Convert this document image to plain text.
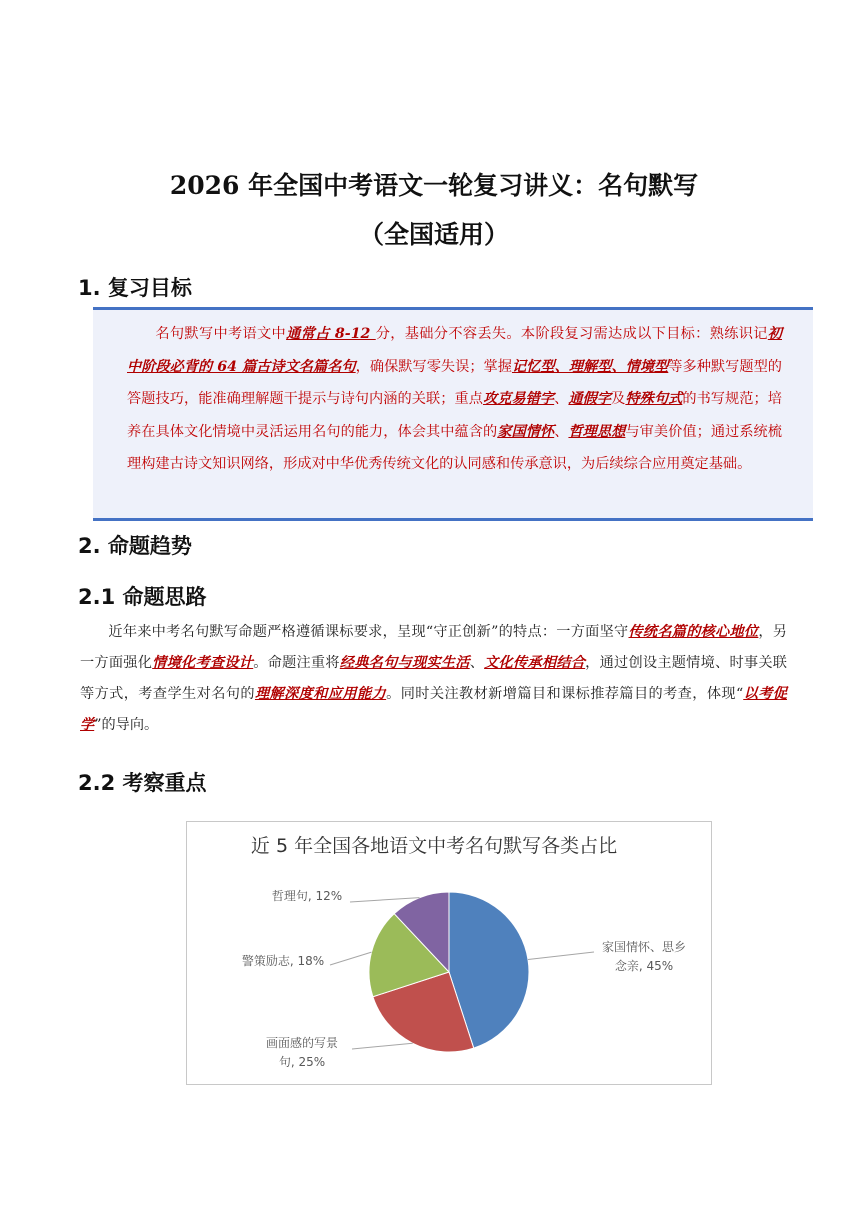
2026 年全国中考语文一轮复习讲义：名句默写
（全国适用）
1. 复习目标
名句默写中考语文中通常占 8-12 分，基础分不容丢失。本阶段复习需达成以下目标：熟练识记初中阶段必背的 64 篇古诗文名篇名句，确保默写零失误；掌握记忆型、理解型、情境型等多种默写题型的答题技巧，能准确理解题干提示与诗句内涵的关联；重点攻克易错字、通假字及特殊句式的书写规范；培养在具体文化情境中灵活运用名句的能力，体会其中蕴含的家国情怀、哲理思想与审美价值；通过系统梳理构建古诗文知识网络，形成对中华优秀传统文化的认同感和传承意识，为后续综合应用奠定基础。
2. 命题趋势
2.1 命题思路
近年来中考名句默写命题严格遵循课标要求，呈现“守正创新”的特点：一方面坚守传统名篇的核心地位，另一方面强化情境化考查设计。命题注重将经典名句与现实生活、文化传承相结合，通过创设主题情境、时事关联等方式，考查学生对名句的理解深度和应用能力。同时关注教材新增篇目和课标推荐篇目的考查，体现“以考促学”的导向。
2.2 考察重点
近 5 年全国各地语文中考名句默写各类占比
家国情怀、思乡
念亲, 45%
画面感的写景
句, 25%
警策励志, 18%
哲理句, 12%
